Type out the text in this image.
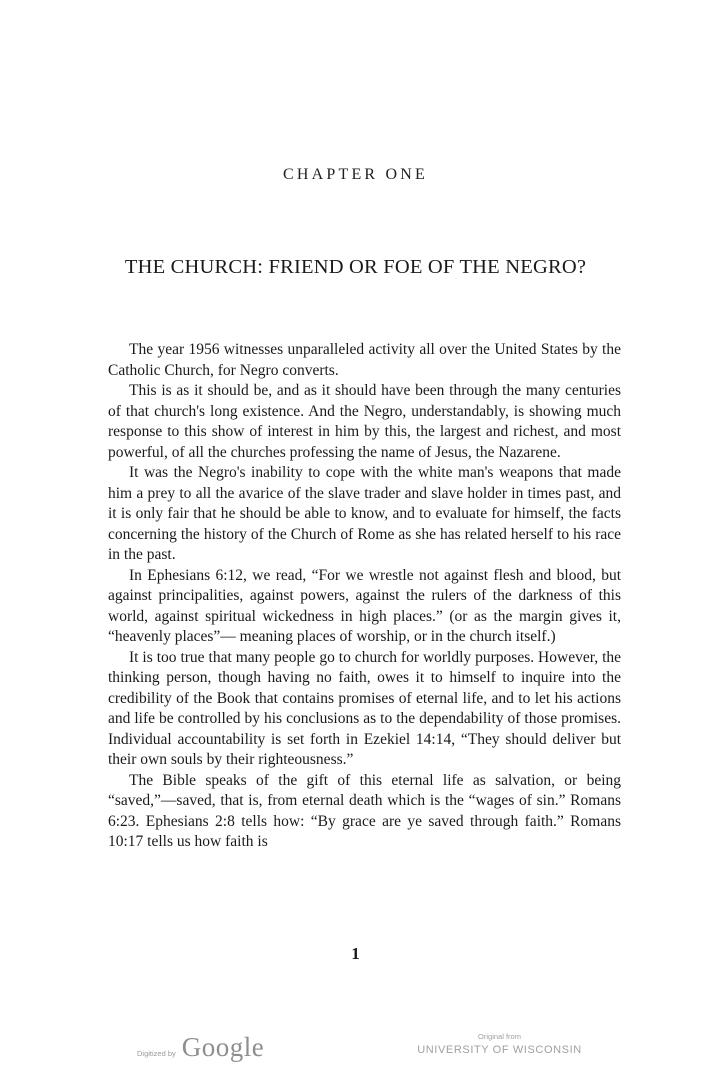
CHAPTER ONE
THE CHURCH: FRIEND OR FOE OF THE NEGRO?

The year 1956 witnesses unparalleled activity all over the United States by the Catholic Church, for Negro converts.

This is as it should be, and as it should have been through the many centuries of that church's long existence. And the Negro, understandably, is showing much response to this show of interest in him by this, the largest and richest, and most powerful, of all the churches professing the name of Jesus, the Nazarene.

It was the Negro's inability to cope with the white man's weapons that made him a prey to all the avarice of the slave trader and slave holder in times past, and it is only fair that he should be able to know, and to evaluate for himself, the facts concerning the history of the Church of Rome as she has related herself to his race in the past.

In Ephesians 6:12, we read, “For we wrestle not against flesh and blood, but against principalities, against powers, against the rulers of the darkness of this world, against spiritual wickedness in high places.” (or as the margin gives it, “heavenly places”— meaning places of worship, or in the church itself.)

It is too true that many people go to church for worldly purposes. However, the thinking person, though having no faith, owes it to himself to inquire into the credibility of the Book that contains promises of eternal life, and to let his actions and life be controlled by his conclusions as to the dependability of those promises. Individual accountability is set forth in Ezekiel 14:14, “They should deliver but their own souls by their righteousness.”

The Bible speaks of the gift of this eternal life as salvation, or being “saved,”—saved, that is, from eternal death which is the “wages of sin.” Romans 6:23. Ephesians 2:8 tells how: “By grace are ye saved through faith.” Romans 10:17 tells us how faith is

1
Digitized by Google	Original from
UNIVERSITY OF WISCONSIN
